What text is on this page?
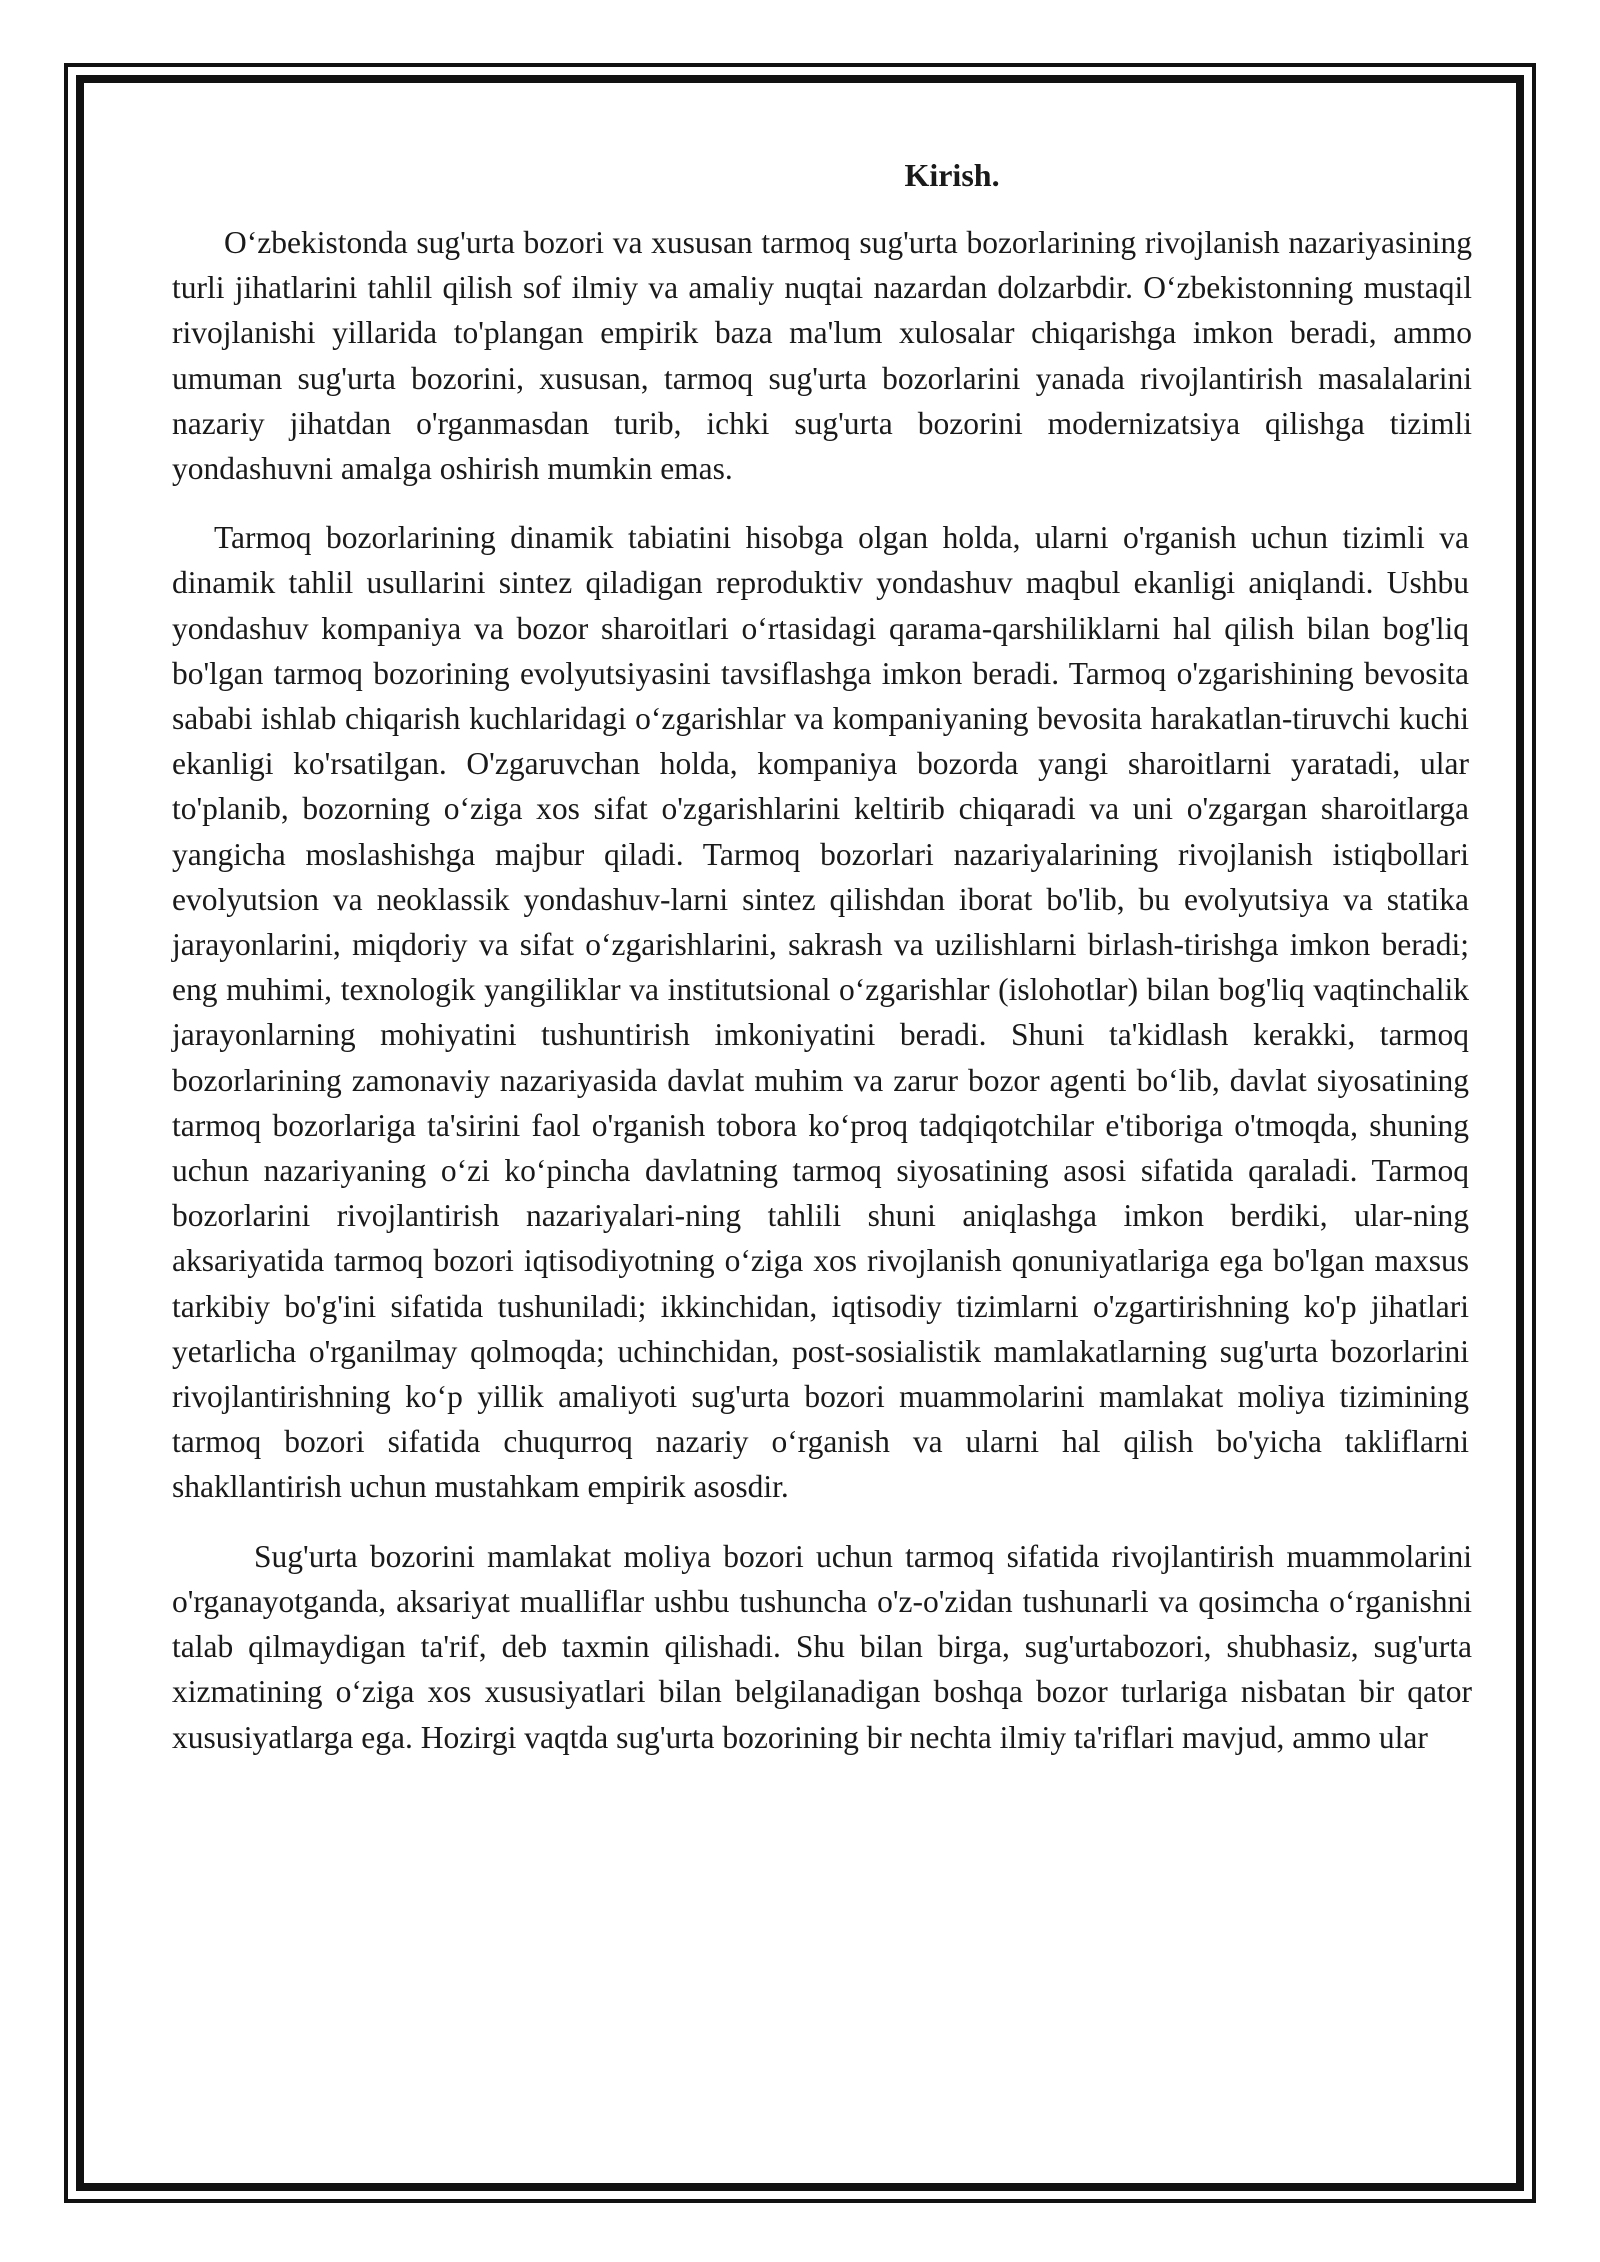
Kirish.

O‘zbekistonda sug'urta bozori va xususan tarmoq sug'urta bozorlarining rivojlanish nazariyasining turli jihatlarini tahlil qilish sof ilmiy va amaliy nuqtai nazardan dolzarbdir. O‘zbekistonning mustaqil rivojlanishi yillarida to'plangan empirik baza ma'lum xulosalar chiqarishga imkon beradi, ammo umuman sug'urta bozorini, xususan, tarmoq sug'urta bozorlarini yanada rivojlantirish masalalarini nazariy jihatdan o'rganmasdan turib, ichki sug'urta bozorini modernizatsiya qilishga tizimli yondashuvni amalga oshirish mumkin emas.

Tarmoq bozorlarining dinamik tabiatini hisobga olgan holda, ularni o'rganish uchun tizimli va dinamik tahlil usullarini sintez qiladigan reproduktiv yondashuv maqbul ekanligi aniqlandi. Ushbu yondashuv kompaniya va bozor sharoitlari o‘rtasidagi qarama-qarshiliklarni hal qilish bilan bog'liq bo'lgan tarmoq bozorining evolyutsiyasini tavsiflashga imkon beradi. Tarmoq o'zgarishining bevosita sababi ishlab chiqarish kuchlaridagi o‘zgarishlar va kompaniyaning bevosita harakatlan-tiruvchi kuchi ekanligi ko'rsatilgan. O'zgaruvchan holda, kompaniya bozorda yangi sharoitlarni yaratadi, ular to'planib, bozorning o‘ziga xos sifat o'zgarishlarini keltirib chiqaradi va uni o'zgargan sharoitlarga yangicha moslashishga majbur qiladi. Tarmoq bozorlari nazariyalarining rivojlanish istiqbollari evolyutsion va neoklassik yondashuv-larni sintez qilishdan iborat bo'lib, bu evolyutsiya va statika jarayonlarini, miqdoriy va sifat o‘zgarishlarini, sakrash va uzilishlarni birlash-tirishga imkon beradi; eng muhimi, texnologik yangiliklar va institutsional o‘zgarishlar (islohotlar) bilan bog'liq vaqtinchalik jarayonlarning mohiyatini tushuntirish imkoniyatini beradi. Shuni ta'kidlash kerakki, tarmoq bozorlarining zamonaviy nazariyasida davlat muhim va zarur bozor agenti bo‘lib, davlat siyosatining tarmoq bozorlariga ta'sirini faol o'rganish tobora ko‘proq tadqiqotchilar e'tiboriga o'tmoqda, shuning uchun nazariyaning o‘zi ko‘pincha davlatning tarmoq siyosatining asosi sifatida qaraladi. Tarmoq bozorlarini rivojlantirish nazariyalari-ning tahlili shuni aniqlashga imkon berdiki, ular-ning aksariyatida tarmoq bozori iqtisodiyotning o‘ziga xos rivojlanish qonuniyatlariga ega bo'lgan maxsus tarkibiy bo'g'ini sifatida tushuniladi; ikkinchidan, iqtisodiy tizimlarni o'zgartirishning ko'p jihatlari yetarlicha o'rganilmay qolmoqda; uchinchidan, post-sosialistik mamlakatlarning sug'urta bozorlarini rivojlantirishning ko‘p yillik amaliyoti sug'urta bozori muammolarini mamlakat moliya tizimining tarmoq bozori sifatida chuqurroq nazariy o‘rganish va ularni hal qilish bo'yicha takliflarni shakllantirish uchun mustahkam empirik asosdir.

Sug'urta bozorini mamlakat moliya bozori uchun tarmoq sifatida rivojlantirish muammolarini o'rganayotganda, aksariyat mualliflar ushbu tushuncha o'z-o'zidan tushunarli va qosimcha o‘rganishni talab qilmaydigan ta'rif, deb taxmin qilishadi. Shu bilan birga, sug'urtabozori, shubhasiz, sug'urta xizmatining o‘ziga xos xususiyatlari bilan belgilanadigan boshqa bozor turlariga nisbatan bir qator xususiyatlarga ega. Hozirgi vaqtda sug'urta bozorining bir nechta ilmiy ta'riflari mavjud, ammo ular
